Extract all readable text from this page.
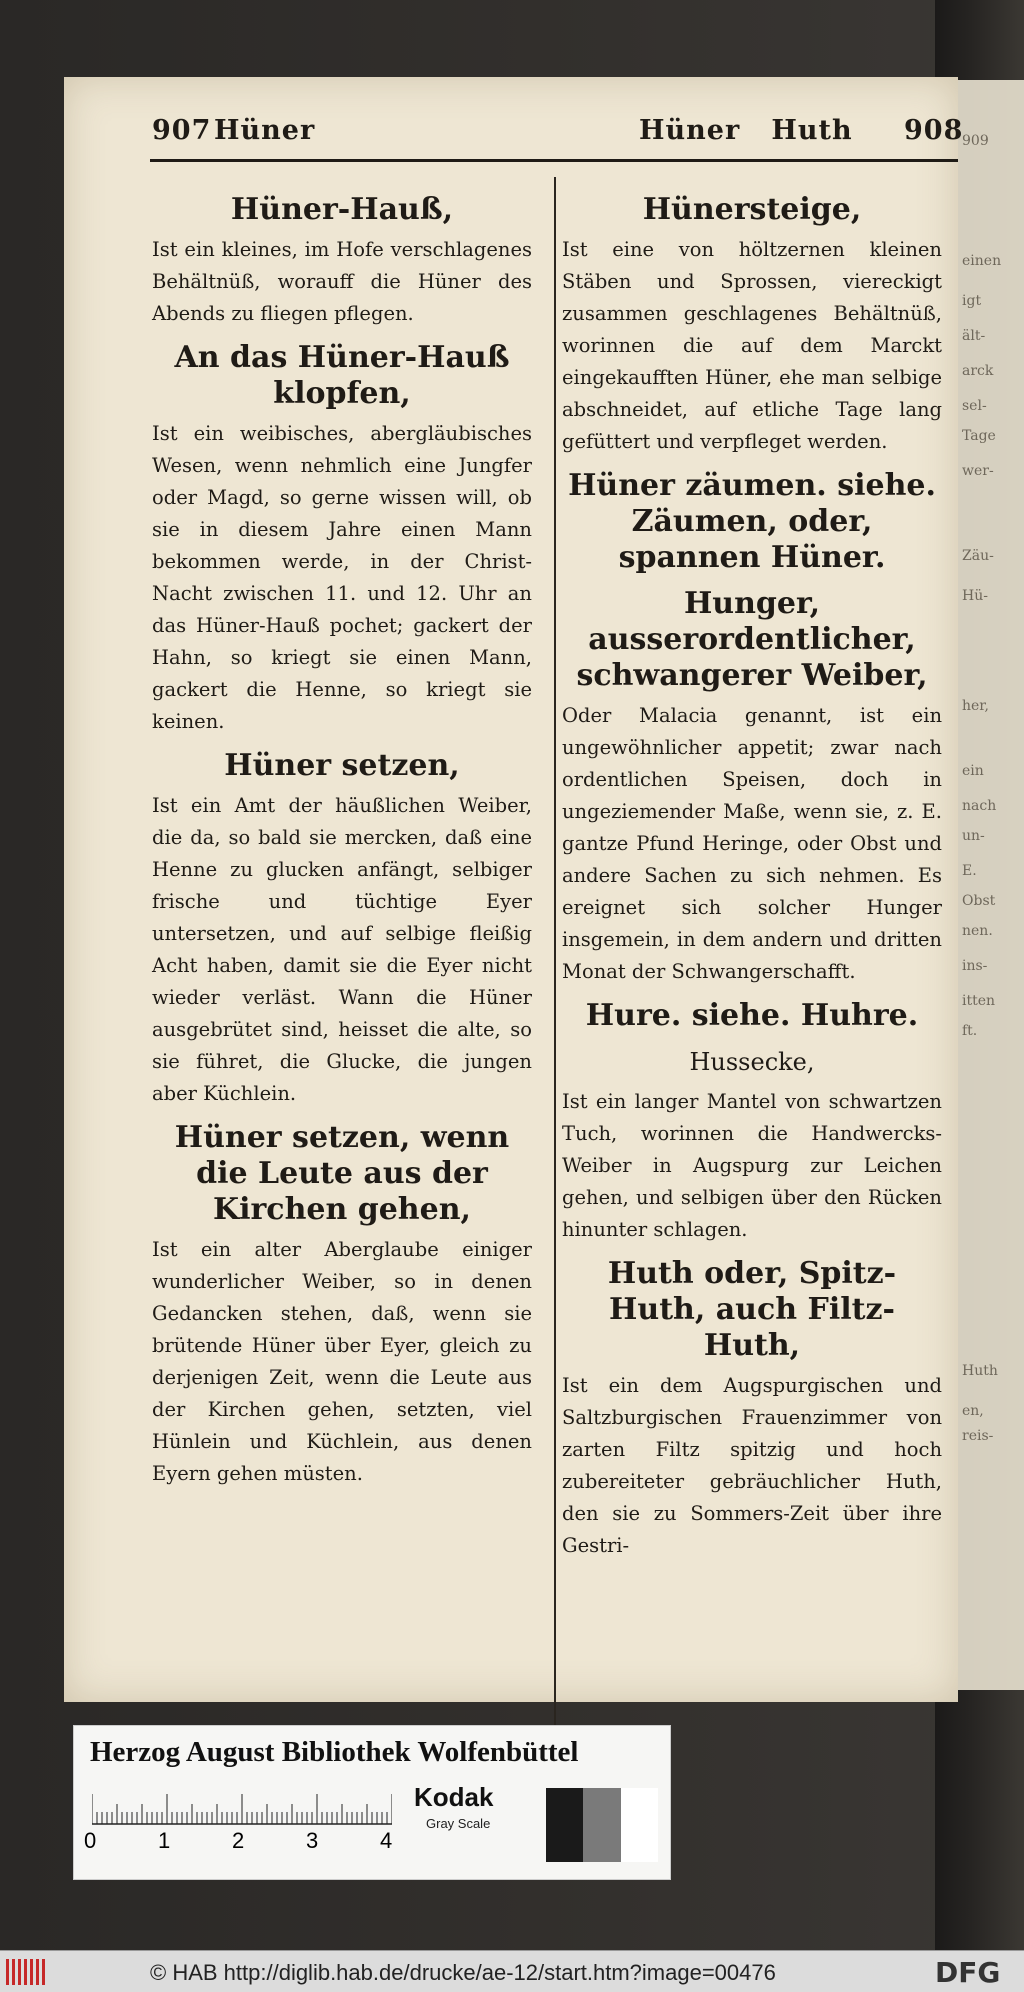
909
einen
igt
ält-
arck
sel-
Tage
wer-
Zäu-
Hü-
her,
ein
nach
un-
E.
Obst
nen.
ins-
itten
ft.
Huth
en,
reis-
907 Hüner	Hüner   Huth 908
Hüner-Hauß,
Ist ein kleines, im Hofe verschlagenes Behältnüß, worauff die Hüner des Abends zu fliegen pflegen.
An das Hüner-Hauß klopfen,
Ist ein weibisches, abergläubisches Wesen, wenn nehmlich eine Jungfer oder Magd, so gerne wissen will, ob sie in diesem Jahre einen Mann bekommen werde, in der Christ-Nacht zwischen 11. und 12. Uhr an das Hüner-Hauß pochet; gackert der Hahn, so kriegt sie einen Mann, gackert die Henne, so kriegt sie keinen.
Hüner setzen,
Ist ein Amt der häußlichen Weiber, die da, so bald sie mercken, daß eine Henne zu glucken anfängt, selbiger frische und tüchtige Eyer untersetzen, und auf selbige fleißig Acht haben, damit sie die Eyer nicht wieder verläst. Wann die Hüner ausgebrütet sind, heisset die alte, so sie führet, die Glucke, die jungen aber Küchlein.
Hüner setzen, wenn die Leute aus der Kirchen gehen,
Ist ein alter Aberglaube einiger wunderlicher Weiber, so in denen Gedancken stehen, daß, wenn sie brütende Hüner über Eyer, gleich zu derjenigen Zeit, wenn die Leute aus der Kirchen gehen, setzten, viel Hünlein und Küchlein, aus denen Eyern gehen müsten.
Hünersteige,
Ist eine von höltzernen kleinen Stäben und Sprossen, viereckigt zusammen geschlagenes Behältnüß, worinnen die auf dem Marckt eingekaufften Hüner, ehe man selbige abschneidet, auf etliche Tage lang gefüttert und verpfleget werden.
Hüner zäumen. siehe. Zäumen, oder, spannen Hüner.
Hunger, ausserordentlicher, schwangerer Weiber,
Oder Malacia genannt, ist ein ungewöhnlicher appetit; zwar nach ordentlichen Speisen, doch in ungeziemender Maße, wenn sie, z. E. gantze Pfund Heringe, oder Obst und andere Sachen zu sich nehmen. Es ereignet sich solcher Hunger insgemein, in dem andern und dritten Monat der Schwangerschafft.
Hure. siehe. Huhre.
Hussecke,
Ist ein langer Mantel von schwartzen Tuch, worinnen die Handwercks-Weiber in Augspurg zur Leichen gehen, und selbigen über den Rücken hinunter schlagen.
Huth oder, Spitz-Huth, auch Filtz-Huth,
Ist ein dem Augspurgischen und Saltzburgischen Frauenzimmer von zarten Filtz spitzig und hoch zubereiteter gebräuchlicher Huth, den sie zu Sommers-Zeit über ihre Gestri-
Herzog August Bibliothek Wolfenbüttel
0	1	2	3	4
Kodak
Gray Scale
© HAB http://diglib.hab.de/drucke/ae-12/start.htm?image=00476	DFG
